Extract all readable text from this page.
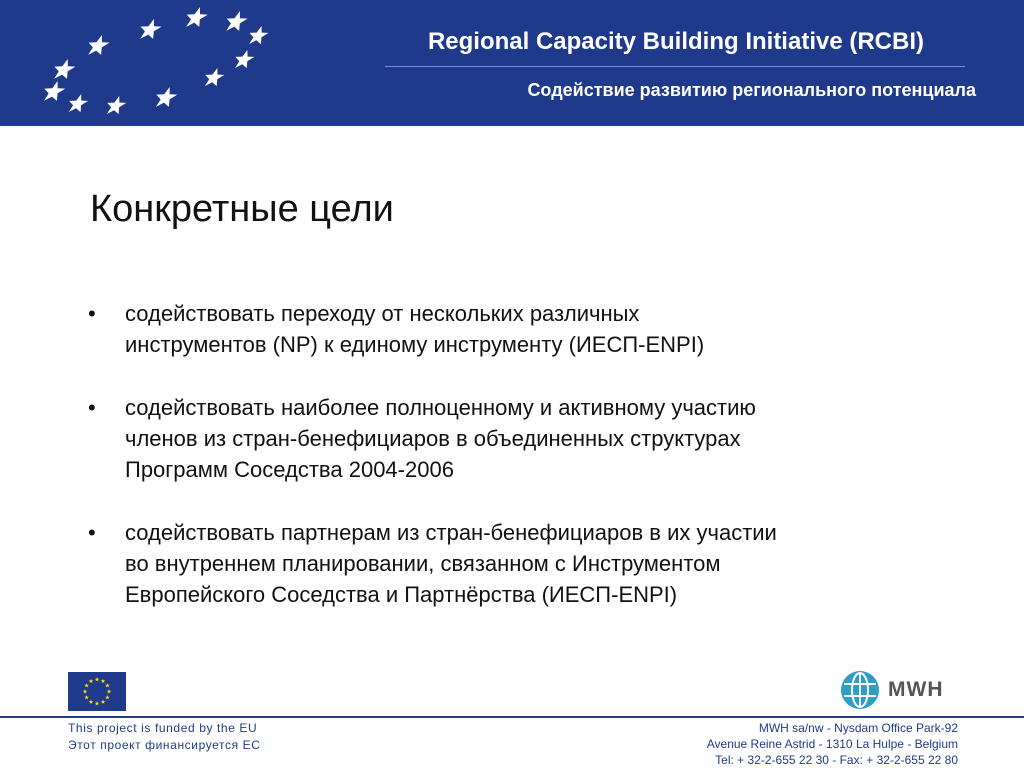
Regional Capacity Building Initiative (RCBI)
Содействие развитию регионального потенциала
Конкретные цели
• содействовать переходу от нескольких различных
инструментов (NP) к единому инструменту (ИЕСП-ENPI)
• содействовать наиболее полноценному и активному участию
членов из стран-бенефициаров в объединенных структурах
Программ Соседства 2004-2006
• содействовать партнерам из стран-бенефициаров в их участии
во внутреннем планировании, связанном с Инструментом
Европейского Соседства и Партнёрства (ИЕСП-ENPI)
MWH
This project is funded by the EU
Этот проект финансируется ЕС
MWH sa/nw - Nysdam Office Park-92
Avenue Reine Astrid - 1310 La Hulpe - Belgium
Tel: + 32-2-655 22 30 - Fax: + 32-2-655 22 80
